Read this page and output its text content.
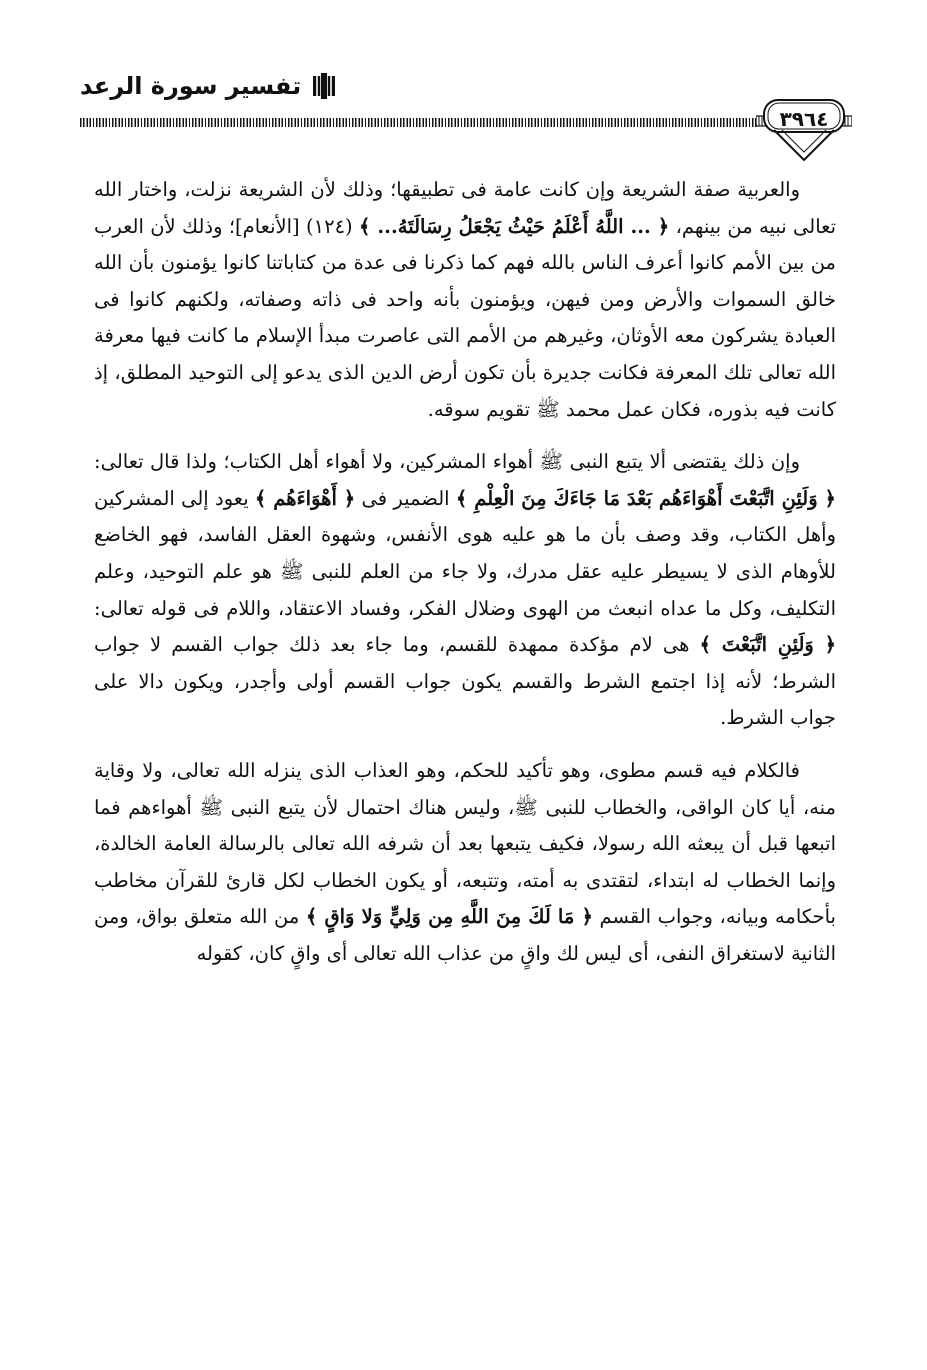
تفسير سورة الرعد
٣٩٦٤

والعربية صفة الشريعة وإن كانت عامة فى تطبيقها؛ وذلك لأن الشريعة نزلت، واختار الله تعالى نبيه من بينهم، ﴿ ... اللَّهُ أَعْلَمُ حَيْثُ يَجْعَلُ رِسَالَتَهُ... ﴾ (١٢٤) [الأنعام]؛ وذلك لأن العرب من بين الأمم كانوا أعرف الناس بالله فهم كما ذكرنا فى عدة من كتاباتنا كانوا يؤمنون بأن الله خالق السموات والأرض ومن فيهن، ويؤمنون بأنه واحد فى ذاته وصفاته، ولكنهم كانوا فى العبادة يشركون معه الأوثان، وغيرهم من الأمم التى عاصرت مبدأ الإسلام ما كانت فيها معرفة الله تعالى تلك المعرفة فكانت جديرة بأن تكون أرض الدين الذى يدعو إلى التوحيد المطلق، إذ كانت فيه بذوره، فكان عمل محمد ﷺ تقويم سوقه.

وإن ذلك يقتضى ألا يتبع النبى ﷺ أهواء المشركين، ولا أهواء أهل الكتاب؛ ولذا قال تعالى: ﴿ وَلَئِنِ اتَّبَعْتَ أَهْوَاءَهُم بَعْدَ مَا جَاءَكَ مِنَ الْعِلْمِ ﴾ الضمير فى ﴿ أَهْوَاءَهُم ﴾ يعود إلى المشركين وأهل الكتاب، وقد وصف بأن ما هو عليه هوى الأنفس، وشهوة العقل الفاسد، فهو الخاضع للأوهام الذى لا يسيطر عليه عقل مدرك، ولا جاء من العلم للنبى ﷺ هو علم التوحيد، وعلم التكليف، وكل ما عداه انبعث من الهوى وضلال الفكر، وفساد الاعتقاد، واللام فى قوله تعالى: ﴿ وَلَئِنِ اتَّبَعْتَ ﴾ هى لام مؤكدة ممهدة للقسم، وما جاء بعد ذلك جواب القسم لا جواب الشرط؛ لأنه إذا اجتمع الشرط والقسم يكون جواب القسم أولى وأجدر، ويكون دالا على جواب الشرط.

فالكلام فيه قسم مطوى، وهو تأكيد للحكم، وهو العذاب الذى ينزله الله تعالى، ولا وقاية منه، أيا كان الواقى، والخطاب للنبى ﷺ، وليس هناك احتمال لأن يتبع النبى ﷺ أهواءهم فما اتبعها قبل أن يبعثه الله رسولا، فكيف يتبعها بعد أن شرفه الله تعالى بالرسالة العامة الخالدة، وإنما الخطاب له ابتداء، لتقتدى به أمته، وتتبعه، أو يكون الخطاب لكل قارئ للقرآن مخاطب بأحكامه وبيانه، وجواب القسم ﴿ مَا لَكَ مِنَ اللَّهِ مِن وَلِيٍّ وَلا وَاقٍ ﴾ من الله متعلق بواق، ومن الثانية لاستغراق النفى، أى ليس لك واقٍ من عذاب الله تعالى أى واقٍ كان، كقوله
